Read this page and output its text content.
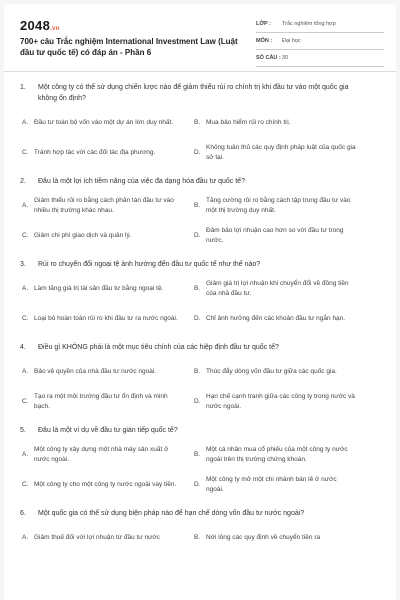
2048.vn
700+ câu Trắc nghiệm International Investment Law (Luật đầu tư quốc tế) có đáp án - Phần 6
LỚP :	Trắc nghiệm tổng hợp
MÔN :	Đại học
SỐ CÂU : 30
1.	Một công ty có thể sử dụng chiến lược nào để giảm thiểu rủi ro chính trị khi đầu tư vào một quốc gia không ổn định?
A. Đầu tư toàn bộ vốn vào một dự án lớn duy nhất.	B. Mua bảo hiểm rủi ro chính trị.
C. Tránh hợp tác với các đối tác địa phương.	D.
Không tuân thủ các quy định pháp luật của quốc gia sở tại.
2.	Đâu là một lợi ích tiềm năng của việc đa dạng hóa đầu tư quốc tế?
A.
Giảm thiểu rủi ro bằng cách phân tán đầu tư vào nhiều thị trường khác nhau.
B.
Tăng cường rủi ro bằng cách tập trung đầu tư vào một thị trường duy nhất.
C. Giảm chi phí giao dịch và quản lý.	D.
Đảm bảo lợi nhuận cao hơn so với đầu tư trong nước.
3.	Rủi ro chuyển đổi ngoại tệ ảnh hưởng đến đầu tư quốc tế như thế nào?
A. Làm tăng giá trị tài sản đầu tư bằng ngoại tệ.	B.
Giảm giá trị lợi nhuận khi chuyển đổi về đồng tiền của nhà đầu tư.
C. Loại bỏ hoàn toàn rủi ro khi đầu tư ra nước ngoài.	D. Chỉ ảnh hưởng đến các khoản đầu tư ngắn hạn.
4.	Điều gì KHÔNG phải là một mục tiêu chính của các hiệp định đầu tư quốc tế?
A. Bảo vệ quyền của nhà đầu tư nước ngoài.	B. Thúc đẩy dòng vốn đầu tư giữa các quốc gia.
C.
Tạo ra một môi trường đầu tư ổn định và minh bạch.
D.
Hạn chế cạnh tranh giữa các công ty trong nước và nước ngoài.
5.	Đâu là một ví dụ về đầu tư gián tiếp quốc tế?
A.
Một công ty xây dựng một nhà máy sản xuất ở nước ngoài.
B.
Một cá nhân mua cổ phiếu của một công ty nước ngoài trên thị trường chứng khoán.
C. Một công ty cho một công ty nước ngoài vay tiền.	D.
Một công ty mở một chi nhánh bán lẻ ở nước ngoài.
6.	Một quốc gia có thể sử dụng biện pháp nào để hạn chế dòng vốn đầu tư nước ngoài?
A. Giảm thuế đối với lợi nhuận từ đầu tư nước	B. Nới lỏng các quy định về chuyển tiền ra
